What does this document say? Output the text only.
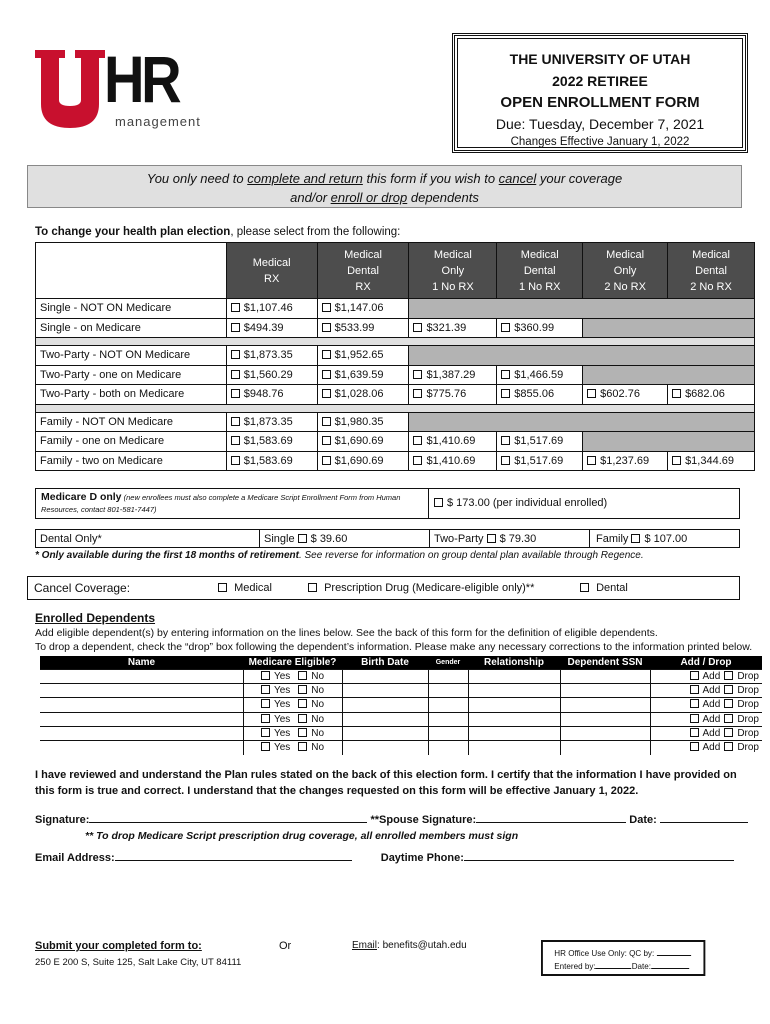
HR
management
THE UNIVERSITY OF UTAH
2022 RETIREE
OPEN ENROLLMENT FORM
Due: Tuesday, December 7, 2021
Changes Effective January 1, 2022
You only need to complete and return this form if you wish to cancel your coverage
and/or enroll or drop dependents
To change your health plan election, please select from the following:
	Medical
RX	Medical
Dental
RX	Medical
Only
1 No RX	Medical
Dental
1 No RX	Medical
Only
2 No RX	Medical
Dental
2 No RX
Single - NOT ON Medicare	$1,107.46	$1,147.06				
Single - on Medicare	$494.39	$533.99	$321.39	$360.99		

Two-Party - NOT ON Medicare	$1,873.35	$1,952.65				
Two-Party - one on Medicare	$1,560.29	$1,639.59	$1,387.29	$1,466.59		
Two-Party - both on Medicare	$948.76	$1,028.06	$775.76	$855.06	$602.76	$682.06

Family - NOT ON Medicare	$1,873.35	$1,980.35				
Family - one on Medicare	$1,583.69	$1,690.69	$1,410.69	$1,517.69		
Family - two on Medicare	$1,583.69	$1,690.69	$1,410.69	$1,517.69	$1,237.69	$1,344.69
Medicare D only (new enrollees must also complete a Medicare Script Enrollment Form from Human Resources, contact 801-581-7447)
$ 173.00 (per individual enrolled)
Dental Only*	Single $ 39.60	Two-Party $ 79.30	Family $ 107.00
* Only available during the first 18 months of retirement. See reverse for information on group dental plan available through Regence.
Cancel Coverage:	Medical	Prescription Drug (Medicare-eligible only)**	Dental
Enrolled Dependents
Add eligible dependent(s) by entering information on the lines below. See the back of this form for the definition of eligible dependents.
To drop a dependent, check the “drop” box following the dependent’s information. Please make any necessary corrections to the information printed below.
Name	Medicare Eligible?	Birth Date	Gender	Relationship	Dependent SSN	Add / Drop
	Yes No					Add Drop
	Yes No					Add Drop
	Yes No					Add Drop
	Yes No					Add Drop
	Yes No					Add Drop
	Yes No					Add Drop
I have reviewed and understand the Plan rules stated on the back of this election form. I certify that the information I have provided on this form is true and correct. I understand that the changes requested on this form will be effective January 1, 2022.
Signature:	**Spouse Signature:	Date:
** To drop Medicare Script prescription drug coverage, all enrolled members must sign
Email Address:	Daytime Phone:
Submit your completed form to:
250 E 200 S, Suite 125, Salt Lake City, UT 84111
Or	Email: benefits@utah.edu
HR Office Use Only: QC by:
Entered by:	Date:
